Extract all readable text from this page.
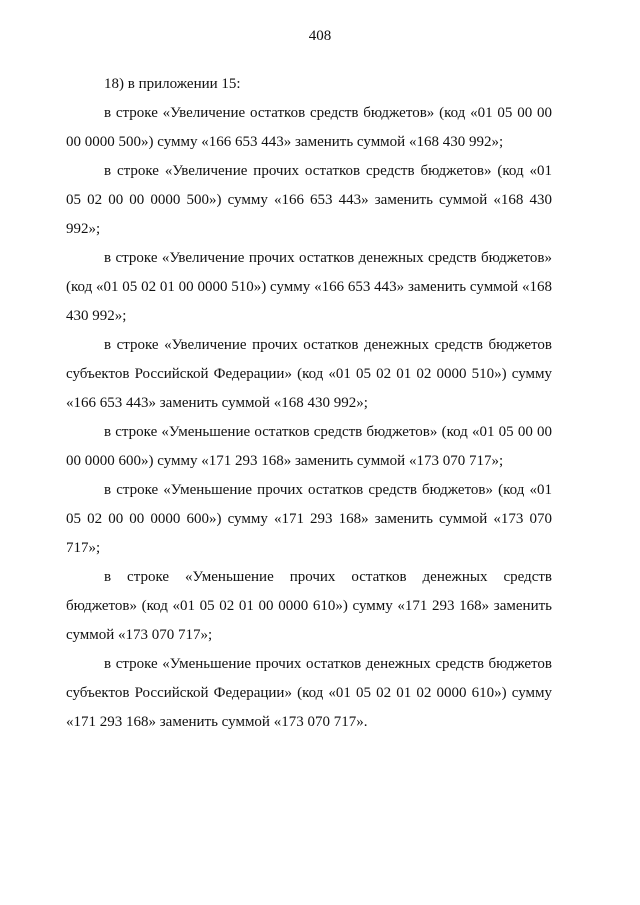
408

18) в приложении 15:

в строке «Увеличение остатков средств бюджетов» (код «01 05 00 00 00 0000 500») сумму «166 653 443» заменить суммой «168 430 992»;

в строке «Увеличение прочих остатков средств бюджетов» (код «01 05 02 00 00 0000 500») сумму «166 653 443» заменить суммой «168 430 992»;

в строке «Увеличение прочих остатков денежных средств бюджетов» (код «01 05 02 01 00 0000 510») сумму «166 653 443» заменить суммой «168 430 992»;

в строке «Увеличение прочих остатков денежных средств бюджетов субъектов Российской Федерации» (код «01 05 02 01 02 0000 510») сумму «166 653 443» заменить суммой «168 430 992»;

в строке «Уменьшение остатков средств бюджетов» (код «01 05 00 00 00 0000 600») сумму «171 293 168» заменить суммой «173 070 717»;

в строке «Уменьшение прочих остатков средств бюджетов» (код «01 05 02 00 00 0000 600») сумму «171 293 168» заменить суммой «173 070 717»;

в строке «Уменьшение прочих остатков денежных средств бюджетов» (код «01 05 02 01 00 0000 610») сумму «171 293 168» заменить суммой «173 070 717»;

в строке «Уменьшение прочих остатков денежных средств бюджетов субъектов Российской Федерации» (код «01 05 02 01 02 0000 610») сумму «171 293 168» заменить суммой «173 070 717».
